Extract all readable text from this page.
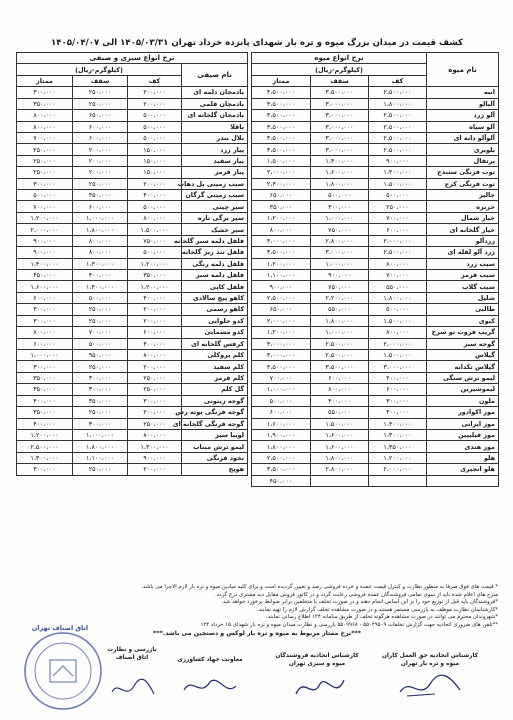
کشف قیمت در میدان بزرگ میوه و تره بار شهدای پانزده خرداد تهران ۱۴۰۵/۰۳/۳۱ الی ۱۴۰۵/۰۴/۰۷
نام میوه	نرخ انواع میوه		
	(کیلوگرم-ریال)		
	کف	سقف	ممتاز
انبه	۲،۵۰۰،۰۰۰	۳،۵۰۰،۰۰۰	۴،۵۰۰،۰۰۰
آلبالو	۱،۸۰۰،۰۰۰	۳،۰۰۰،۰۰۰	۳،۵۰۰،۰۰۰
آلو زرد	۲،۵۰۰،۰۰۰	۳،۰۰۰،۰۰۰	۳،۵۰۰،۰۰۰
آلو سیاه	۲،۵۰۰،۰۰۰	۳،۰۰۰،۰۰۰	۳،۵۰۰،۰۰۰
آلوآلو دانه ای	۲،۵۰۰،۰۰۰	۳،۰۰۰،۰۰۰	۳،۵۰۰،۰۰۰
بلوبری	۲،۵۰۰،۰۰۰	۳،۰۰۰،۰۰۰	۳،۵۰۰،۰۰۰
پرتقال	۹۰۰،۰۰۰	۱،۳۰۰،۰۰۰	۱،۵۰۰،۰۰۰
توت فرنگی سنندج	۱،۴۰۰،۰۰۰	۱،۶۰۰،۰۰۰	۲،۰۰۰،۰۰۰
توت فرنگی کرج	۱،۵۰۰،۰۰۰	۱،۸۰۰،۰۰۰	۲،۳۰۰،۰۰۰
جالیز	۵۰۰،۰۰۰	۵۰۰،۰۰۰	۶۵۰،۰۰۰
خربزه	۲۵۰،۰۰۰	۳۰۰،۰۰۰	۳۵۰،۰۰۰
خیار شمال	۷۰۰،۰۰۰	۱،۰۰۰،۰۰۰	۱،۲۰۰،۰۰۰
خیار گلخانه ای	۶۰۰،۰۰۰	۷۵۰،۰۰۰	۸۰۰،۰۰۰
زردآلو	۲،۰۰۰،۰۰۰	۲،۸۰۰،۰۰۰	۳،۰۰۰،۰۰۰
زرد آلو لقله ای	۲،۵۰۰،۰۰۰	۳،۰۰۰،۰۰۰	۳،۵۰۰،۰۰۰
سیب زرد	۸۰۰،۰۰۰	۱،۰۰۰،۰۰۰	۱،۲۰۰،۰۰۰
سیب قرمز	۷۰۰،۰۰۰	۹۰۰،۰۰۰	۱،۱۰۰،۰۰۰
سیب گلاب	۵۵۰،۰۰۰	۷۵۰،۰۰۰	۹۰۰،۰۰۰
شلیل	۱،۸۰۰،۰۰۰	۲،۲۰۰،۰۰۰	۲،۵۰۰،۰۰۰
طالبی	۵۰۰،۰۰۰	۵۵۰،۰۰۰	۶۵۰،۰۰۰
کیوی	۱،۵۰۰،۰۰۰	۱،۸۰۰،۰۰۰	۲،۰۰۰،۰۰۰
گریپ فروت تو سرخ	۸۰۰،۰۰۰	۱،۰۰۰،۰۰۰	۱،۲۰۰،۰۰۰
گوجه سبز	۲،۰۰۰،۰۰۰	۲،۵۰۰،۰۰۰	۳،۰۰۰،۰۰۰
گیلاس	۱،۵۰۰،۰۰۰	۲،۵۰۰،۰۰۰	۳،۰۰۰،۰۰۰
گیلاس تکدانه	۳،۰۰۰،۰۰۰	۳،۵۰۰،۰۰۰	۴،۵۰۰،۰۰۰
لیمو ترش سنگی	۴۰۰،۰۰۰	۶۰۰،۰۰۰	۷۰۰،۰۰۰
لیموشیرین	۶۰۰،۰۰۰	۸۰۰،۰۰۰	۱،۰۰۰،۰۰۰
ملون	۳۰۰،۰۰۰	۴۰۰،۰۰۰	۵۰۰،۰۰۰
موز اکوادور	۴۰۰،۰۰۰	۵۵۰،۰۰۰	۶۰۰،۰۰۰
موز ایرانی	۱،۴۰۰،۰۰۰	۱،۵۰۰،۰۰۰	۱،۶۰۰،۰۰۰
موز فیلیپین	۱،۳۰۰،۰۰۰	۱،۶۰۰،۰۰۰	۱،۹۰۰،۰۰۰
موز هندی	۱،۳۵۰،۰۰۰	۱،۶۰۰،۰۰۰	۱،۸۰۰،۰۰۰
هلو	۱،۲۰۰،۰۰۰	۱،۸۰۰،۰۰۰	۲،۵۰۰،۰۰۰
هلو انجیری	۲،۰۰۰،۰۰۰	۲،۸۰۰،۰۰۰	۳،۵۰۰،۰۰۰
			۴۵۰،۰۰۰
نرخ انواع سبزی و صیفی			
نام صیفی	(کیلوگرم-ریال)		
	کف	سقف	ممتاز
بادمجان دلمه ای	۲۰۰،۰۰۰	۲۵۰،۰۰۰	۳۰۰،۰۰۰
بادمجان قلمی	۲۰۰،۰۰۰	۲۵۰،۰۰۰	۳۵۰،۰۰۰
بادمجان گلخانه ای	۵۰۰،۰۰۰	۶۵۰،۰۰۰	۸۰۰،۰۰۰
باقلا	۵۰۰،۰۰۰	۶۰۰،۰۰۰	۸۰۰،۰۰۰
بلال بندر	۵۰۰،۰۰۰	۶۰۰،۰۰۰	۷۰۰،۰۰۰
پیاز زرد	۱۵۰،۰۰۰	۲۰۰،۰۰۰	۲۵۰،۰۰۰
پیاز سفید	۱۵۰،۰۰۰	۲۰۰،۰۰۰	۲۵۰،۰۰۰
پیاز قرمز	۱۵۰،۰۰۰	۲۰۰،۰۰۰	۲۵۰،۰۰۰
سیب زمینی پل دهاب	۲۰۰،۰۰۰	۲۵۰،۰۰۰	۳۰۰،۰۰۰
سیب زمینی گرگان	۴۰۰،۰۰۰	۴۵۰،۰۰۰	۵۰۰،۰۰۰
سیر چینی	۵۰۰،۰۰۰	۶۰۰،۰۰۰	۷۰۰،۰۰۰
سیر برگی تازه	۸۰۰،۰۰۰	۱،۰۰۰،۰۰۰	۱،۲۰۰،۰۰۰
سیر خشک	۱،۵۰۰،۰۰۰	۱،۸۰۰،۰۰۰	۲،۰۰۰،۰۰۰
فلفل دلمه سبز گلخانه	۷۵۰،۰۰۰	۸۰۰،۰۰۰	۹۰۰،۰۰۰
فلفل تند ریز گلخانه	۵۰۰،۰۰۰	۸۰۰،۰۰۰	۹۰۰،۰۰۰
فلفل دلمه رنگی	۱،۲۰۰،۰۰۰	۱،۳۰۰،۰۰۰	۱،۴۰۰،۰۰۰
فلفل دلمه سبز	۳۵۰،۰۰۰	۴۰۰،۰۰۰	۴۵۰،۰۰۰
فلفل کاپی	۱،۲۰۰،۰۰۰	۱،۴۰۰،۰۰۰	۱،۶۰۰،۰۰۰
کاهو پیچ سالادی	۴۰۰،۰۰۰	۵۰۰،۰۰۰	۶۰۰،۰۰۰
کاهو رسمی	۲۰۰،۰۰۰	۲۵۰،۰۰۰	۳۰۰،۰۰۰
کدو حلوایی	۲۰۰،۰۰۰	۲۵۰،۰۰۰	۳۰۰،۰۰۰
کدو مسمایی	۶۰۰،۰۰۰	۷۰۰،۰۰۰	۸۰۰،۰۰۰
کرفس گلخانه ای	۴۰۰،۰۰۰	۵۰۰،۰۰۰	۶۰۰،۰۰۰
کلم بروکلی	۸۰۰،۰۰۰	۹۵۰،۰۰۰	۱،۰۰۰،۰۰۰
کلم سفید	۲۰۰،۰۰۰	۲۵۰،۰۰۰	۳۰۰،۰۰۰
کلم قرمز	۲۵۰،۰۰۰	۳۰۰،۰۰۰	۳۵۰،۰۰۰
گل کلم	۲۵۰،۰۰۰	۳۰۰،۰۰۰	۳۵۰،۰۰۰
گوجه زیتونی	۳۰۰،۰۰۰	۳۵۰،۰۰۰	۴۰۰،۰۰۰
گوجه فرنگی بوته رس	۲۰۰،۰۰۰	۲۵۰،۰۰۰	۳۵۰،۰۰۰
گوجه فرنگی گلخانه ای	۲۵۰،۰۰۰	۳۰۰،۰۰۰	۴۰۰،۰۰۰
لوبیا سبز	۸۰۰،۰۰۰	۱،۰۰۰،۰۰۰	۱،۲۰۰،۰۰۰
لیمو ترش میناب	۱،۳۰۰،۰۰۰	۱،۸۰۰،۰۰۰	۲،۵۰۰،۰۰۰
نخود فرنگی	۹۰۰،۰۰۰	۱،۱۰۰،۰۰۰	۱،۳۰۰،۰۰۰
هویج	۲۰۰،۰۰۰	۲۵۰،۰۰۰	۳۰۰،۰۰۰

* قیمت های فوق صرفا به منظور نظارت و کنترل قیمت عمده و خرده فروشی رصد و تعیین گردیده است و برای کلیه میادین میوه و تره بار لازم الاجرا می باشد.

مترح های اعلام شده باید از سوی تمامی فروشندگان عمده فروشی رعایت گردد و در کاتور فروش مقابل دید مشتری درج گردد.

*فروشندگان باید قبل از توزیع خود را بر این اساس انجام دهند و در صورت تخلف با متخلفین برابر ضوابط برخورد خواهد شد.

*کارشناسان نظارت موظف به بازرسی مستمر هستند و در صورت مشاهده تخلف گزارش لازم را تهیه نمایند.

*شهروندان محترم می توانند در صورت مشاهده هرگونه تخلف از طریق سامانه ۱۲۴ اطلاع رسانی نمایند.

**تلفن های ضروری اتحادیه جهت گزارش تخلفات ۵۵۰۴۹۵۰۹ - ۵۵۰۹۹۶۸ بازرسی و نظارت میدان میوه و تره بار شهدای ۱۵ خرداد ۱۲۴

***نرخ ممتاز مربوط به میوه و تره بار لوکس و دستچین می باشد.***

کارشناس اتحادیه حق العمل کاران
میوه و تره بار تهران
کارشناس اتحادیه فروشندگان
میوه و سبزی تهران
معاونت جهاد کشاورزی
بازرسی و نظارت
اتاق اصناف
اتاق اصناف تهران
